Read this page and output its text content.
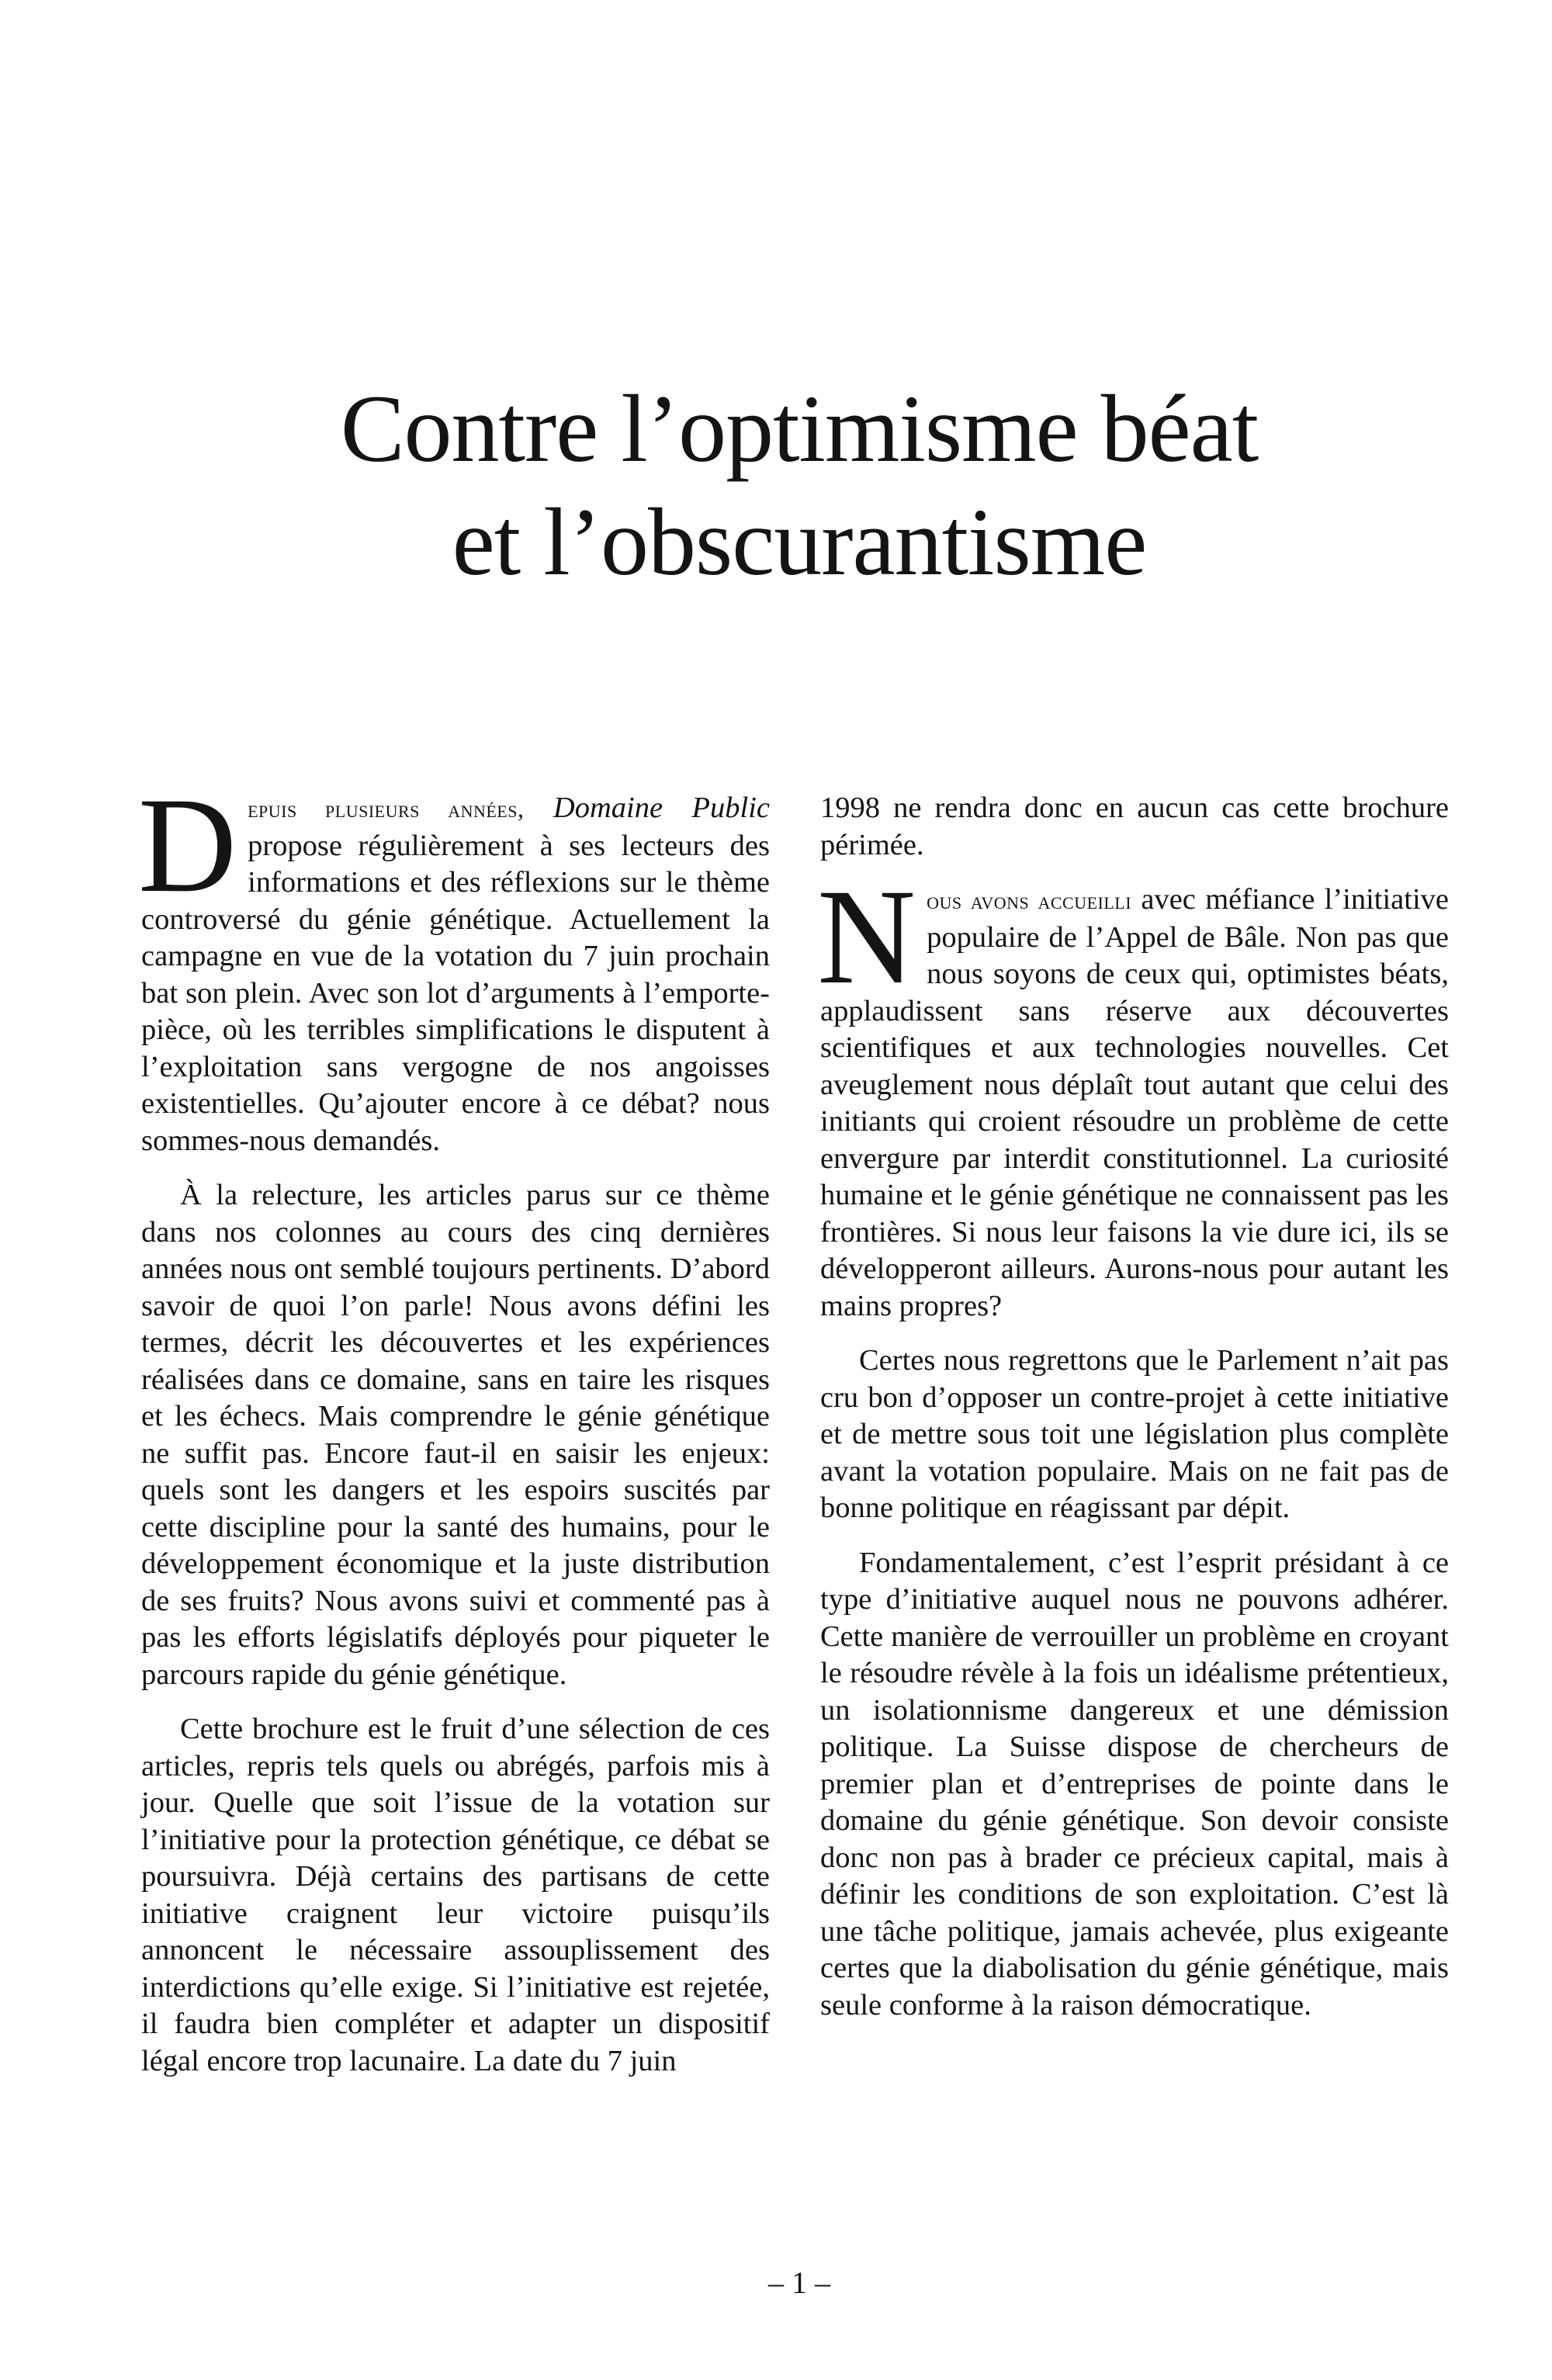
Contre l’optimisme béat
et l’obscurantisme

Depuis plusieurs années, Domaine Public propose régulièrement à ses lecteurs des informations et des réflexions sur le thème controversé du génie génétique. Actuellement la campagne en vue de la votation du 7 juin prochain bat son plein. Avec son lot d’arguments à l’emporte-pièce, où les terribles simplifications le disputent à l’exploitation sans vergogne de nos angoisses existentielles. Qu’ajouter encore à ce débat? nous sommes-nous demandés.

À la relecture, les articles parus sur ce thème dans nos colonnes au cours des cinq dernières années nous ont semblé toujours pertinents. D’abord savoir de quoi l’on parle! Nous avons défini les termes, décrit les découvertes et les expériences réalisées dans ce domaine, sans en taire les risques et les échecs. Mais comprendre le génie génétique ne suffit pas. Encore faut-il en saisir les enjeux: quels sont les dangers et les espoirs suscités par cette discipline pour la santé des humains, pour le développement économique et la juste distribution de ses fruits? Nous avons suivi et commenté pas à pas les efforts législatifs déployés pour piqueter le parcours rapide du génie génétique.

Cette brochure est le fruit d’une sélection de ces articles, repris tels quels ou abrégés, parfois mis à jour. Quelle que soit l’issue de la votation sur l’initiative pour la protection génétique, ce débat se poursuivra. Déjà certains des partisans de cette initiative craignent leur victoire puisqu’ils annoncent le nécessaire assouplissement des interdictions qu’elle exige. Si l’initiative est rejetée, il faudra bien compléter et adapter un dispositif légal encore trop lacunaire. La date du 7 juin

1998 ne rendra donc en aucun cas cette brochure périmée.

Nous avons accueilli avec méfiance l’initiative populaire de l’Appel de Bâle. Non pas que nous soyons de ceux qui, optimistes béats, applaudissent sans réserve aux découvertes scientifiques et aux technologies nouvelles. Cet aveuglement nous déplaît tout autant que celui des initiants qui croient résoudre un problème de cette envergure par interdit constitutionnel. La curiosité humaine et le génie génétique ne connaissent pas les frontières. Si nous leur faisons la vie dure ici, ils se développeront ailleurs. Aurons-nous pour autant les mains propres?

Certes nous regrettons que le Parlement n’ait pas cru bon d’opposer un contre-projet à cette initiative et de mettre sous toit une législation plus complète avant la votation populaire. Mais on ne fait pas de bonne politique en réagissant par dépit.

Fondamentalement, c’est l’esprit présidant à ce type d’initiative auquel nous ne pouvons adhérer. Cette manière de verrouiller un problème en croyant le résoudre révèle à la fois un idéalisme prétentieux, un isolationnisme dangereux et une démission politique. La Suisse dispose de chercheurs de premier plan et d’entreprises de pointe dans le domaine du génie génétique. Son devoir consiste donc non pas à brader ce précieux capital, mais à définir les conditions de son exploitation. C’est là une tâche politique, jamais achevée, plus exigeante certes que la diabolisation du génie génétique, mais seule conforme à la raison démocratique.

– 1 –
